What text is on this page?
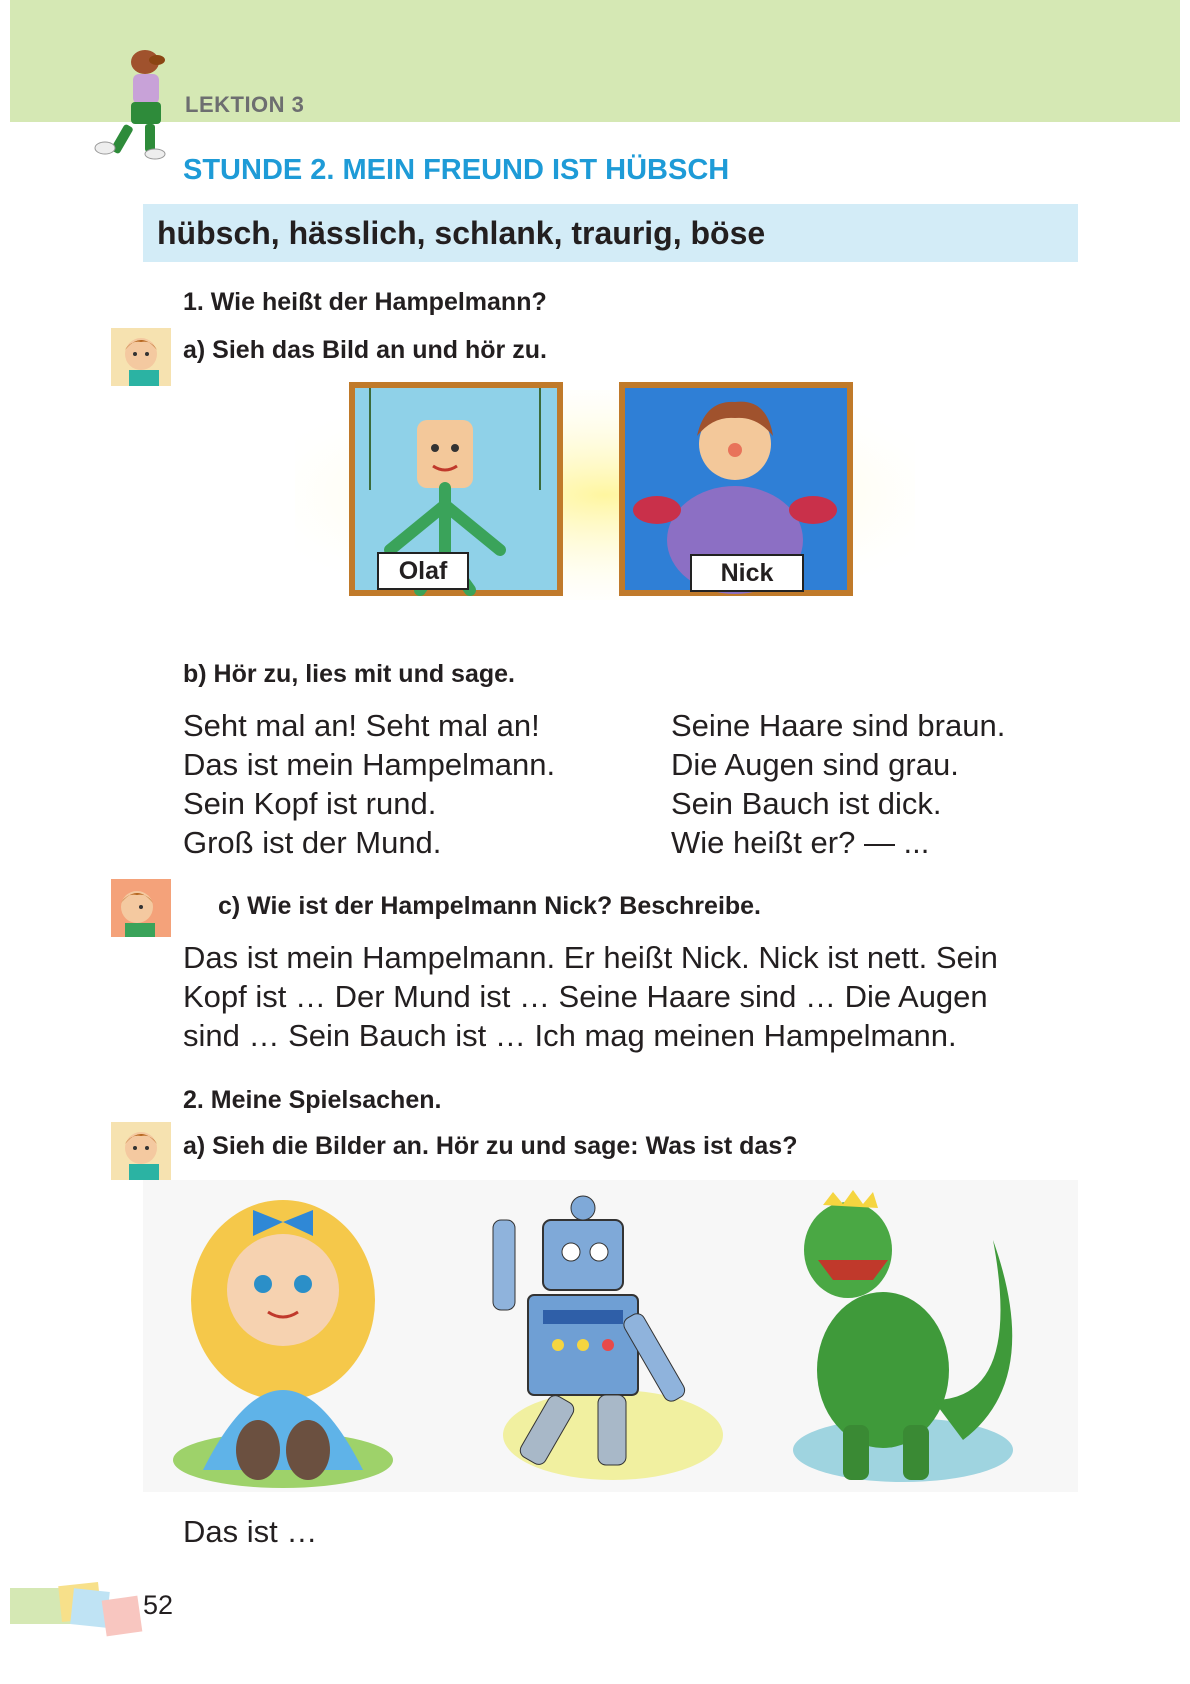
LEKTION 3
STUNDE 2. MEIN FREUND IST HÜBSCH
hübsch, hässlich, schlank, traurig, böse
1. Wie heißt der Hampelmann?
a) Sieh das Bild an und hör zu.
Olaf	Nick
b) Hör zu, lies mit und sage.
Seht mal an! Seht mal an!
Das ist mein Hampelmann.
Sein Kopf ist rund.
Groß ist der Mund.
Seine Haare sind braun.
Die Augen sind grau.
Sein Bauch ist dick.
Wie heißt er? — ...
c) Wie ist der Hampelmann Nick? Beschreibe.
Das ist mein Hampelmann. Er heißt Nick. Nick ist nett. Sein
Kopf ist … Der Mund ist … Seine Haare sind … Die Augen
sind … Sein Bauch ist … Ich mag meinen Hampelmann.
2. Meine Spielsachen.
a) Sieh die Bilder an. Hör zu und sage: Was ist das?
Das ist …
52
